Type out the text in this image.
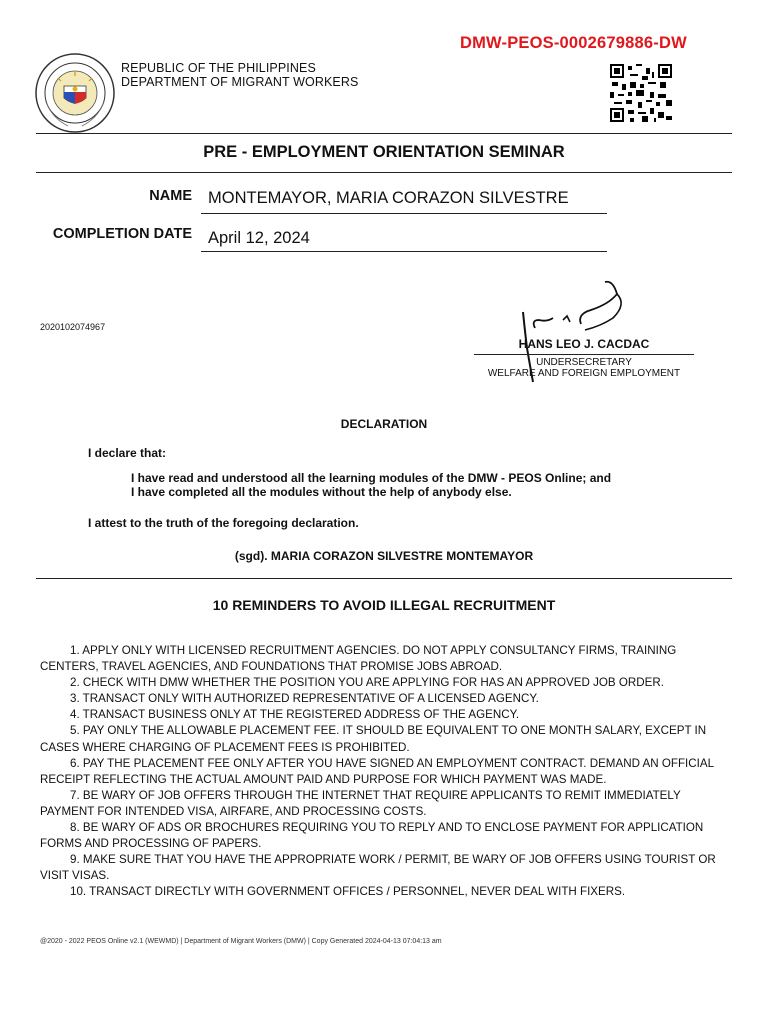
REPUBLIC OF THE PHILIPPINES
DEPARTMENT OF MIGRANT WORKERS
DMW-PEOS-0002679886-DW
PRE - EMPLOYMENT ORIENTATION SEMINAR
NAME MONTEMAYOR, MARIA CORAZON SILVESTRE
COMPLETION DATE April 12, 2024
2020102074967
HANS LEO J. CACDAC
UNDERSECRETARY
WELFARE AND FOREIGN EMPLOYMENT
DECLARATION
I declare that:
I have read and understood all the learning modules of the DMW - PEOS Online; and
I have completed all the modules without the help of anybody else.
I attest to the truth of the foregoing declaration.
(sgd). MARIA CORAZON SILVESTRE MONTEMAYOR
10 REMINDERS TO AVOID ILLEGAL RECRUITMENT

1. APPLY ONLY WITH LICENSED RECRUITMENT AGENCIES. DO NOT APPLY CONSULTANCY FIRMS, TRAINING CENTERS, TRAVEL AGENCIES, AND FOUNDATIONS THAT PROMISE JOBS ABROAD.

2. CHECK WITH DMW WHETHER THE POSITION YOU ARE APPLYING FOR HAS AN APPROVED JOB ORDER.

3. TRANSACT ONLY WITH AUTHORIZED REPRESENTATIVE OF A LICENSED AGENCY.

4. TRANSACT BUSINESS ONLY AT THE REGISTERED ADDRESS OF THE AGENCY.

5. PAY ONLY THE ALLOWABLE PLACEMENT FEE. IT SHOULD BE EQUIVALENT TO ONE MONTH SALARY, EXCEPT IN CASES WHERE CHARGING OF PLACEMENT FEES IS PROHIBITED.

6. PAY THE PLACEMENT FEE ONLY AFTER YOU HAVE SIGNED AN EMPLOYMENT CONTRACT. DEMAND AN OFFICIAL RECEIPT REFLECTING THE ACTUAL AMOUNT PAID AND PURPOSE FOR WHICH PAYMENT WAS MADE.

7. BE WARY OF JOB OFFERS THROUGH THE INTERNET THAT REQUIRE APPLICANTS TO REMIT IMMEDIATELY PAYMENT FOR INTENDED VISA, AIRFARE, AND PROCESSING COSTS.

8. BE WARY OF ADS OR BROCHURES REQUIRING YOU TO REPLY AND TO ENCLOSE PAYMENT FOR APPLICATION FORMS AND PROCESSING OF PAPERS.

9. MAKE SURE THAT YOU HAVE THE APPROPRIATE WORK / PERMIT, BE WARY OF JOB OFFERS USING TOURIST OR VISIT VISAS.

10. TRANSACT DIRECTLY WITH GOVERNMENT OFFICES / PERSONNEL, NEVER DEAL WITH FIXERS.

@2020 - 2022 PEOS Online v2.1 (WEWMD) | Department of Migrant Workers (DMW) | Copy Generated 2024-04-13 07:04:13 am
